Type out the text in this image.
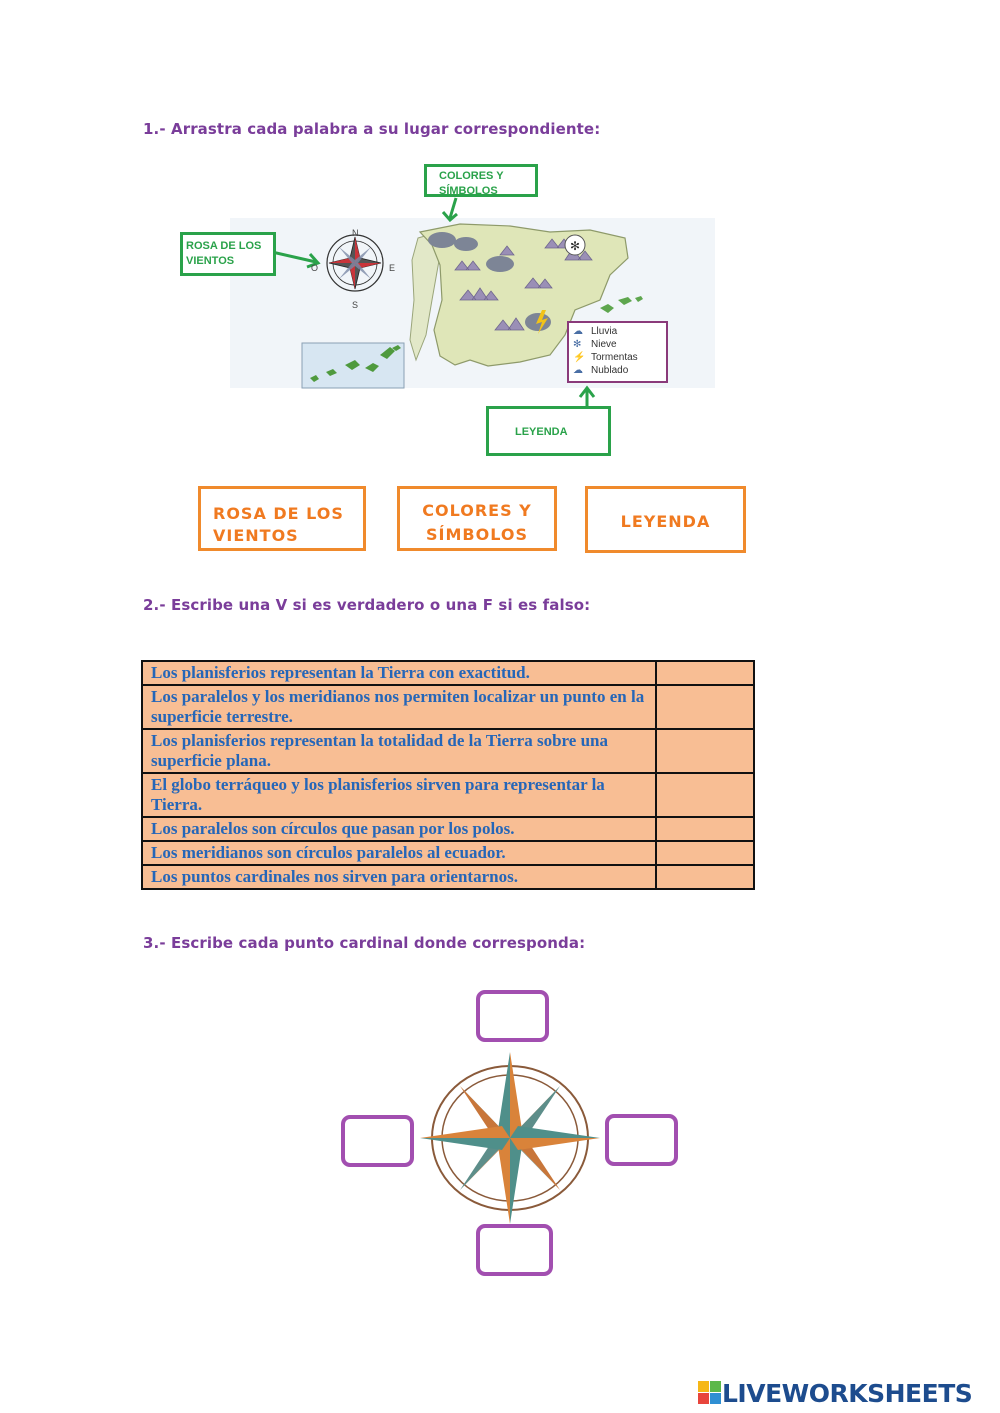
1.- Arrastra cada palabra a su lugar correspondiente:
✻
N
S
E
O
ROSA DE LOS VIENTOS
COLORES Y SÍMBOLOS
LEYENDA
☁ Lluvia
✻ Nieve
⚡ Tormentas
☁ Nublado
ROSA DE LOS
VIENTOS
COLORES Y
SÍMBOLOS
LEYENDA
2.- Escribe una V si es verdadero o una F si es falso:
Los planisferios representan la Tierra con exactitud.	
Los paralelos y los meridianos nos permiten localizar un punto en la superficie terrestre.	
Los planisferios representan la totalidad de la Tierra sobre una superficie plana.	
El globo terráqueo y los planisferios sirven para representar la Tierra.	
Los paralelos son círculos que pasan por los polos.	
Los meridianos son círculos paralelos al ecuador.	
Los puntos cardinales nos sirven para orientarnos.	
3.- Escribe cada punto cardinal donde corresponda:
LIVEWORKSHEETS
